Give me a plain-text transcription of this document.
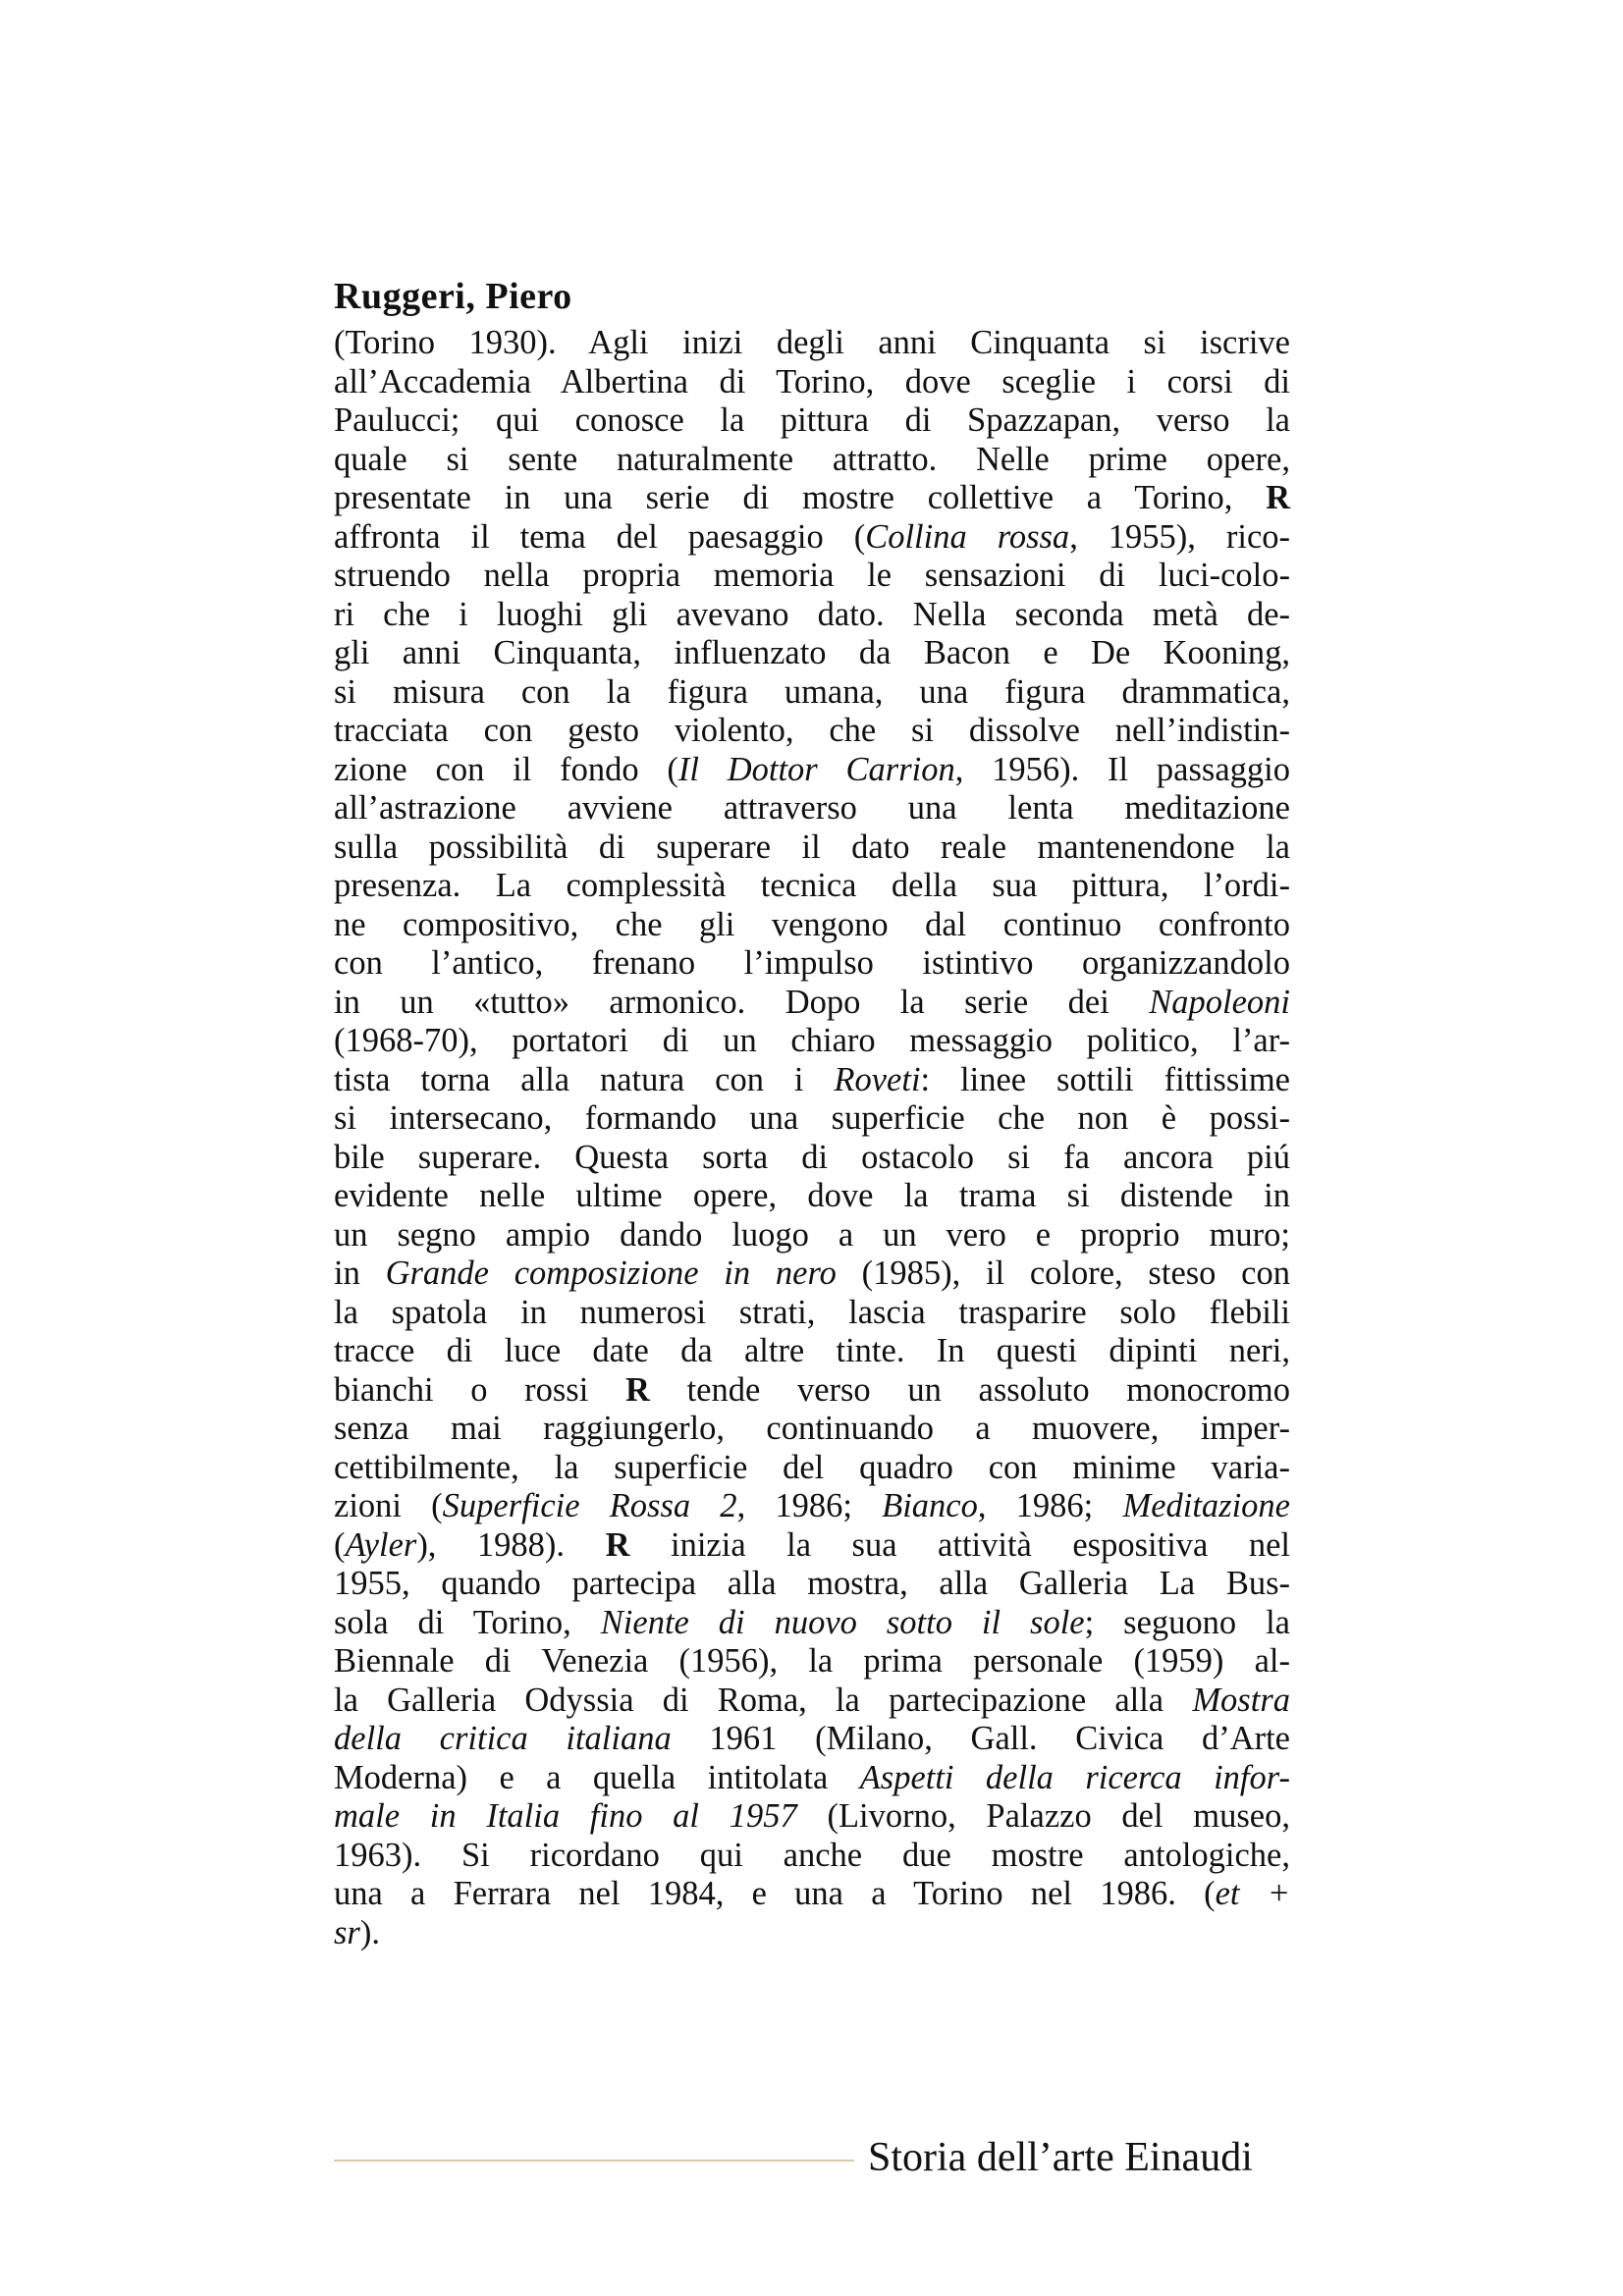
Ruggeri, Piero
(Torino 1930). Agli inizi degli anni Cinquanta si iscrive
all’Accademia Albertina di Torino, dove sceglie i corsi di
Paulucci; qui conosce la pittura di Spazzapan, verso la
quale si sente naturalmente attratto. Nelle prime opere,
presentate in una serie di mostre collettive a Torino, R
affronta il tema del paesaggio (Collina rossa, 1955), rico-
struendo nella propria memoria le sensazioni di luci-colo-
ri che i luoghi gli avevano dato. Nella seconda metà de-
gli anni Cinquanta, influenzato da Bacon e De Kooning,
si misura con la figura umana, una figura drammatica,
tracciata con gesto violento, che si dissolve nell’indistin-
zione con il fondo (Il Dottor Carrion, 1956). Il passaggio
all’astrazione avviene attraverso una lenta meditazione
sulla possibilità di superare il dato reale mantenendone la
presenza. La complessità tecnica della sua pittura, l’ordi-
ne compositivo, che gli vengono dal continuo confronto
con l’antico, frenano l’impulso istintivo organizzandolo
in un «tutto» armonico. Dopo la serie dei Napoleoni
(1968-70), portatori di un chiaro messaggio politico, l’ar-
tista torna alla natura con i Roveti: linee sottili fittissime
si intersecano, formando una superficie che non è possi-
bile superare. Questa sorta di ostacolo si fa ancora piú
evidente nelle ultime opere, dove la trama si distende in
un segno ampio dando luogo a un vero e proprio muro;
in Grande composizione in nero (1985), il colore, steso con
la spatola in numerosi strati, lascia trasparire solo flebili
tracce di luce date da altre tinte. In questi dipinti neri,
bianchi o rossi R tende verso un assoluto monocromo
senza mai raggiungerlo, continuando a muovere, imper-
cettibilmente, la superficie del quadro con minime varia-
zioni (Superficie Rossa 2, 1986; Bianco, 1986; Meditazione
(Ayler), 1988). R inizia la sua attività espositiva nel
1955, quando partecipa alla mostra, alla Galleria La Bus-
sola di Torino, Niente di nuovo sotto il sole; seguono la
Biennale di Venezia (1956), la prima personale (1959) al-
la Galleria Odyssia di Roma, la partecipazione alla Mostra
della critica italiana 1961 (Milano, Gall. Civica d’Arte
Moderna) e a quella intitolata Aspetti della ricerca infor-
male in Italia fino al 1957 (Livorno, Palazzo del museo,
1963). Si ricordano qui anche due mostre antologiche,
una a Ferrara nel 1984, e una a Torino nel 1986. (et +
sr).
Storia dell’arte Einaudi
